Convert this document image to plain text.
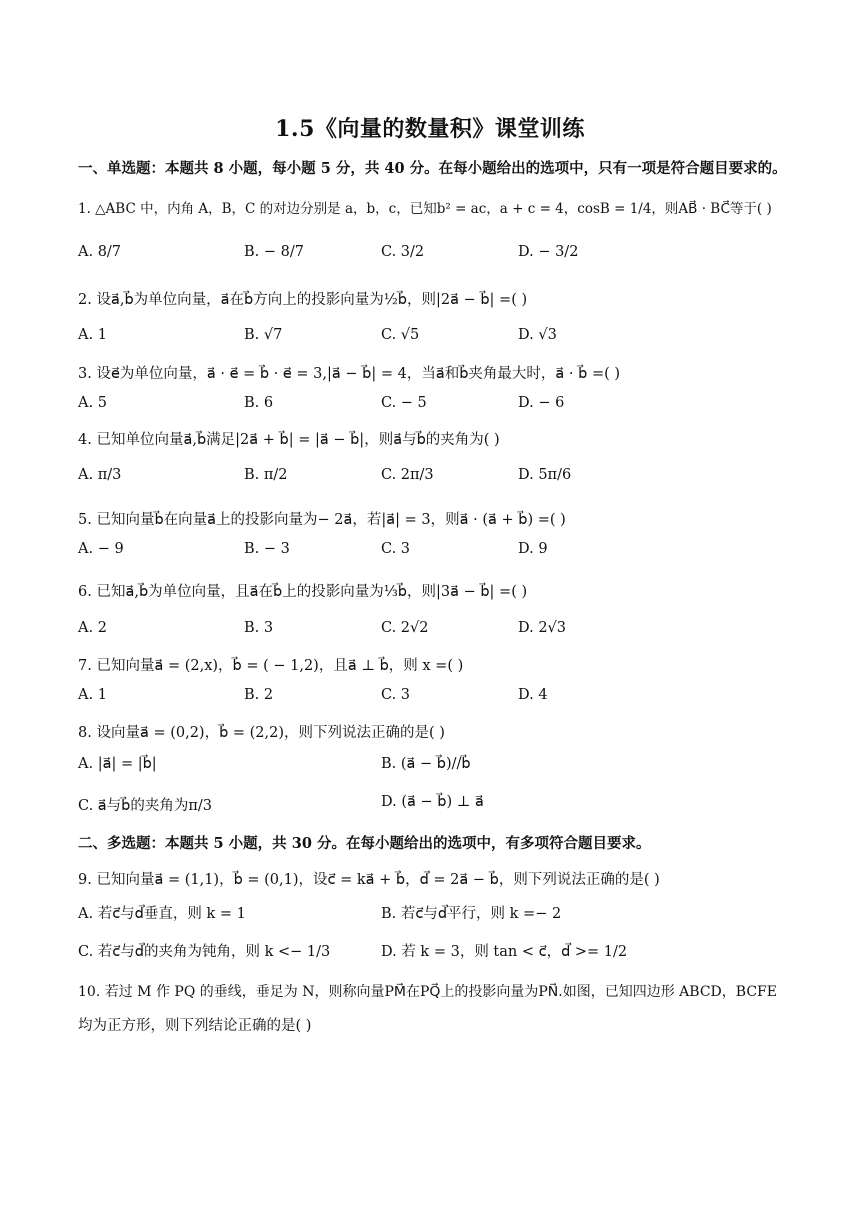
1.5《向量的数量积》课堂训练
一、单选题：本题共 8 小题，每小题 5 分，共 40 分。在每小题给出的选项中，只有一项是符合题目要求的。
1. △ABC 中，内角 A，B，C 的对边分别是 a，b，c，已知b² = ac，a + c = 4，cosB = 1/4，则AB⃗ · BC⃗等于( )
A. 8/7	B. − 8/7	C. 3/2	D. − 3/2
2. 设a⃗,b⃗为单位向量，a⃗在b⃗方向上的投影向量为½b⃗，则|2a⃗ − b⃗| =( )
A. 1	B. √7	C. √5	D. √3
3. 设e⃗为单位向量，a⃗ · e⃗ = b⃗ · e⃗ = 3,|a⃗ − b⃗| = 4，当a⃗和b⃗夹角最大时，a⃗ · b⃗ =( )
A. 5	B. 6	C. − 5	D. − 6
4. 已知单位向量a⃗,b⃗满足|2a⃗ + b⃗| = |a⃗ − b⃗|，则a⃗与b⃗的夹角为( )
A. π/3	B. π/2	C. 2π/3	D. 5π/6
5. 已知向量b⃗在向量a⃗上的投影向量为− 2a⃗，若|a⃗| = 3，则a⃗ · (a⃗ + b⃗) =( )
A. − 9	B. − 3	C. 3	D. 9
6. 已知a⃗,b⃗为单位向量，且a⃗在b⃗上的投影向量为⅓b⃗，则|3a⃗ − b⃗| =( )
A. 2	B. 3	C. 2√2	D. 2√3
7. 已知向量a⃗ = (2,x)，b⃗ = ( − 1,2)，且a⃗ ⊥ b⃗，则 x =( )
A. 1	B. 2	C. 3	D. 4
8. 设向量a⃗ = (0,2)，b⃗ = (2,2)，则下列说法正确的是( )
A. |a⃗| = |b⃗|	B. (a⃗ − b⃗)//b⃗
C. a⃗与b⃗的夹角为π/3	D. (a⃗ − b⃗) ⊥ a⃗
二、多选题：本题共 5 小题，共 30 分。在每小题给出的选项中，有多项符合题目要求。
9. 已知向量a⃗ = (1,1)，b⃗ = (0,1)，设c⃗ = ka⃗ + b⃗，d⃗ = 2a⃗ − b⃗，则下列说法正确的是( )
A. 若c⃗与d⃗垂直，则 k = 1	B. 若c⃗与d⃗平行，则 k =− 2
C. 若c⃗与d⃗的夹角为钝角，则 k <− 1/3	D. 若 k = 3，则 tan < c⃗，d⃗ >= 1/2
10. 若过 M 作 PQ 的垂线，垂足为 N，则称向量PM⃗在PQ⃗上的投影向量为PN⃗.如图，已知四边形 ABCD，BCFE
均为正方形，则下列结论正确的是( )
